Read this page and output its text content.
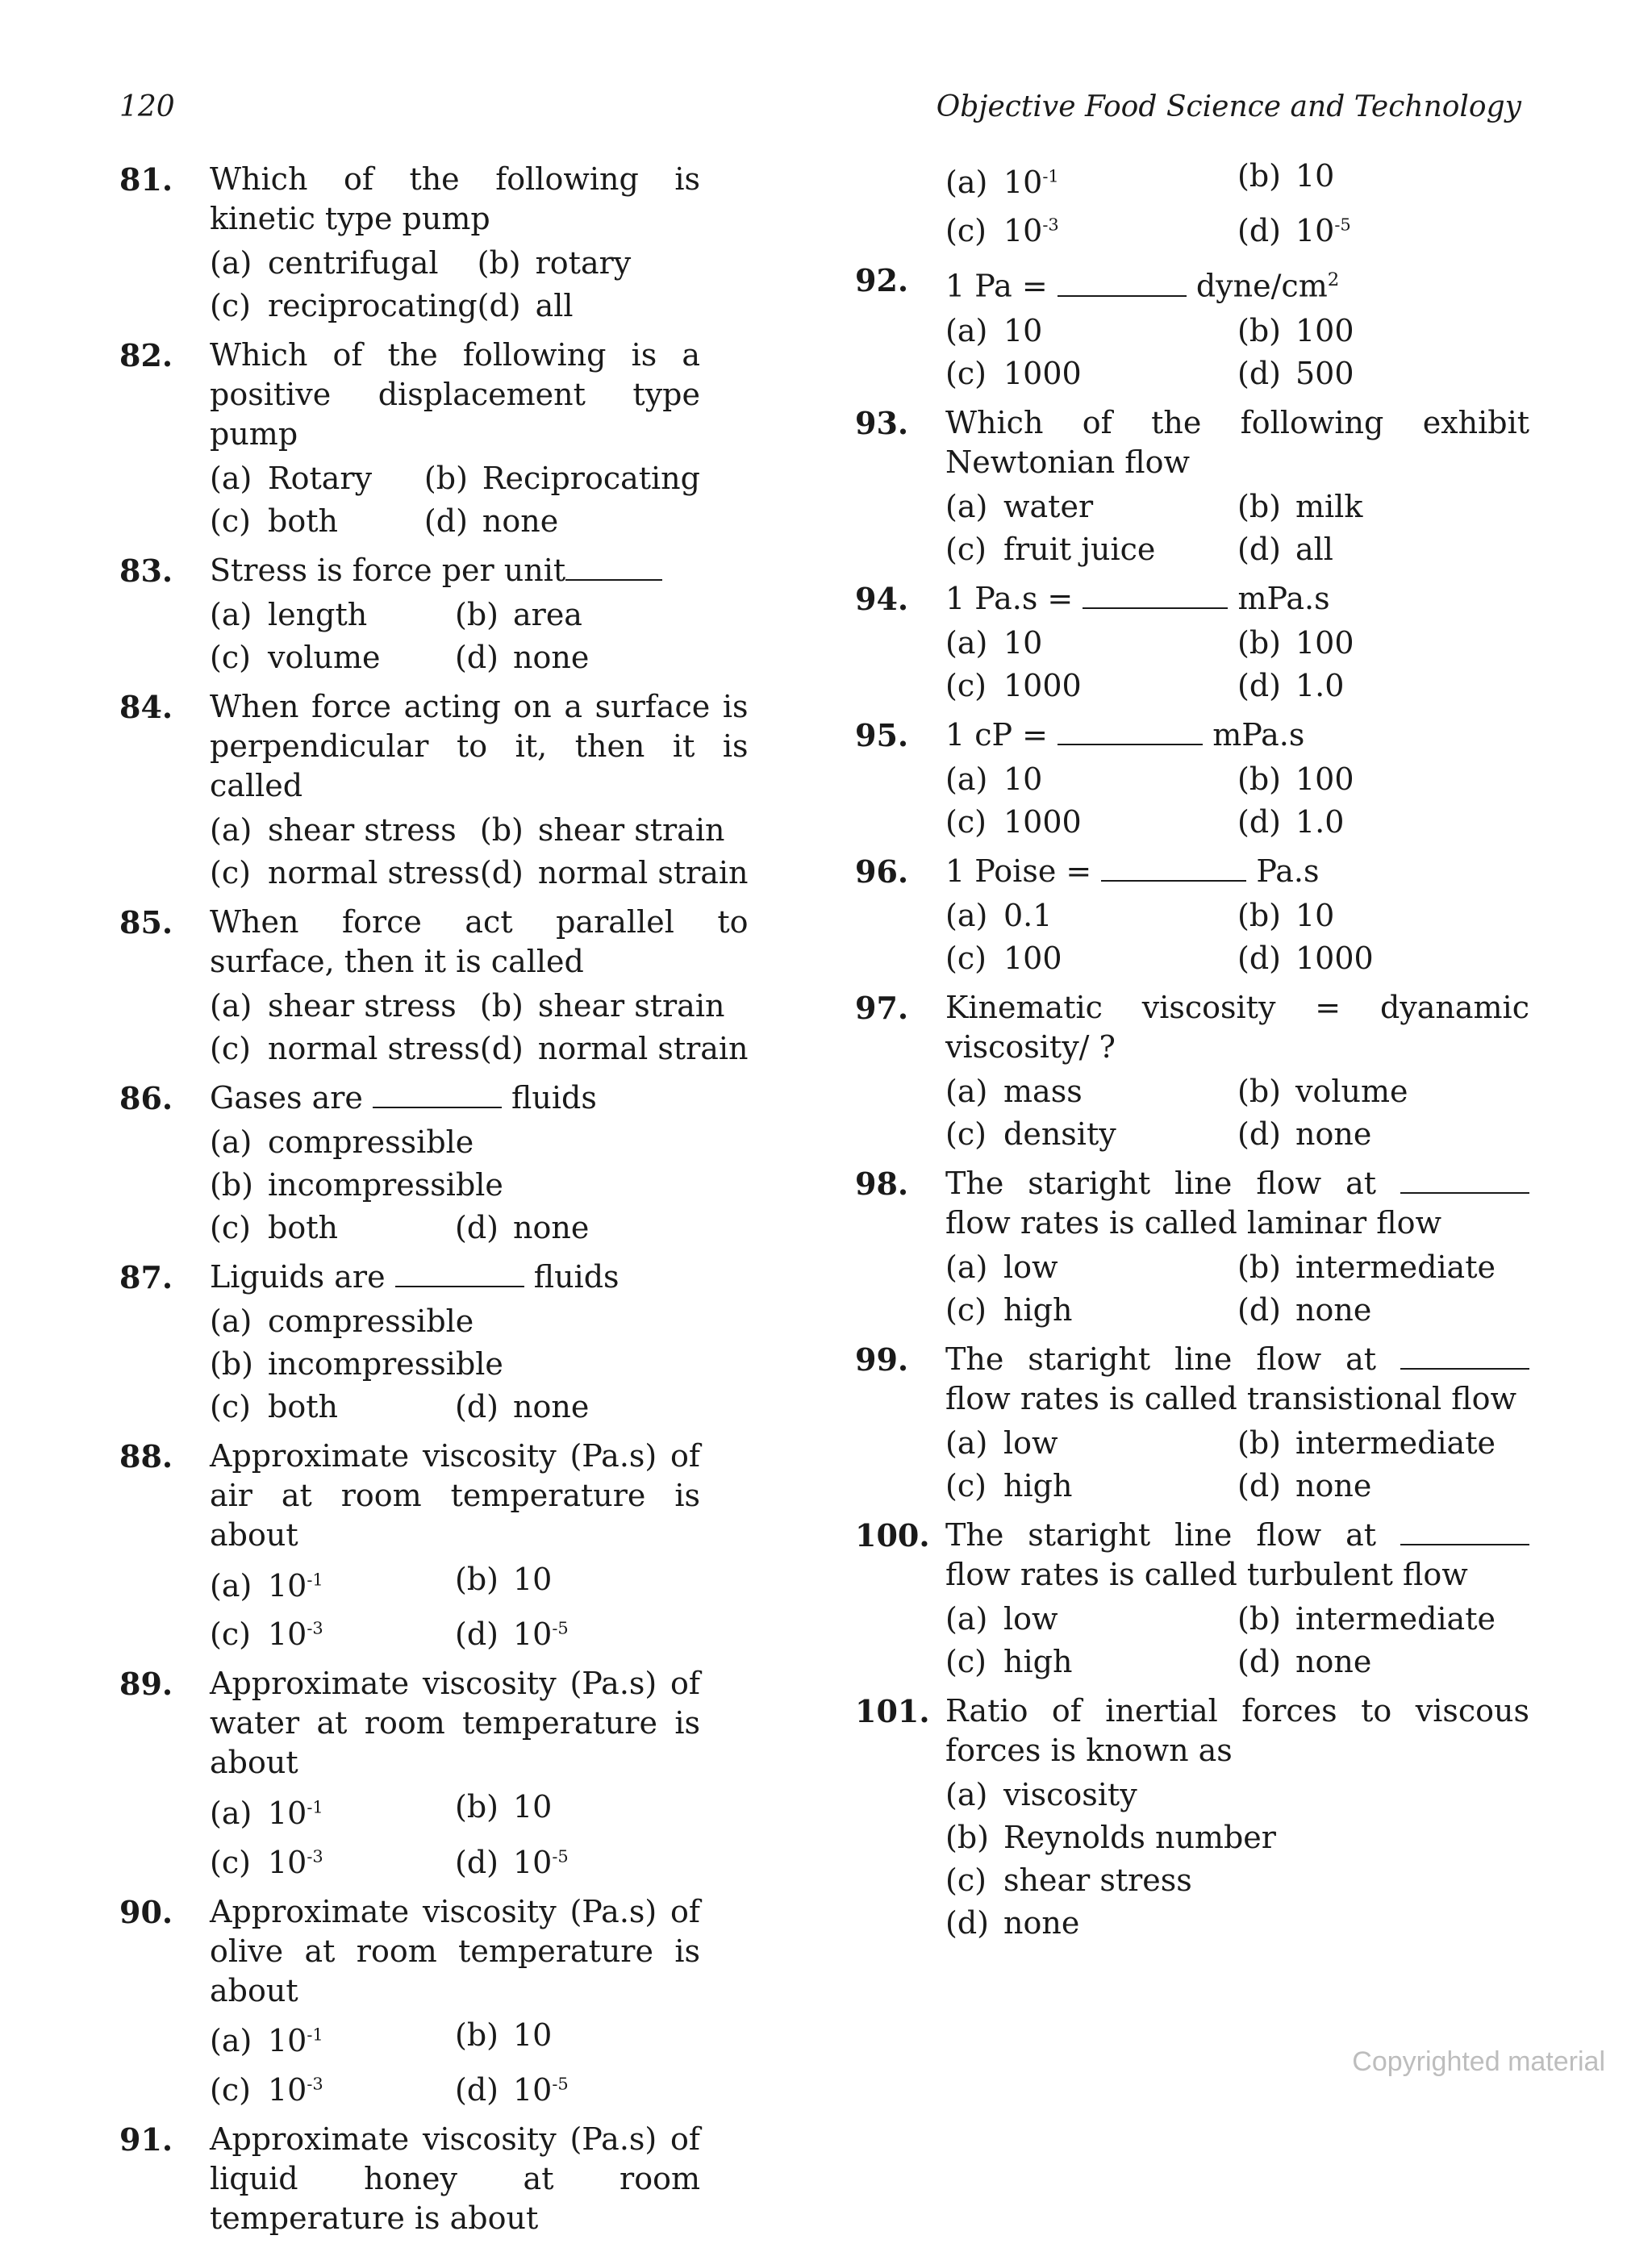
120	Objective Food Science and Technology
81.	Which of the following is kinetic type pump
(a) centrifugal	(b) rotary
(c) reciprocating (d) all
82.	Which of the following is a positive displacement type pump
(a) Rotary	(b) Reciprocating
(c) both	(d) none
83.	Stress is force per unit
(a) length	(b) area
(c) volume	(d) none
84.	When force acting on a surface is perpendicular to it, then it is called
(a) shear stress (b) shear strain
(c) normal stress (d) normal strain
85.	When force act parallel to surface, then it is called
(a) shear stress (b) shear strain
(c) normal stress (d) normal strain
86.	Gases are	fluids
(a) compressible
(b) incompressible
(c) both	(d) none
87.	Liguids are	fluids
(a) compressible
(b) incompressible
(c) both	(d) none
88.	Approximate viscosity (Pa.s) of air at room temperature is about
(a) $10^{-1}$	(b) 10
(c) $10^{-3}$	(d) $10^{-5}$
89.	Approximate viscosity (Pa.s) of water at room temperature is about
(a) $10^{-1}$	(b) 10
(c) $10^{-3}$	(d) $10^{-5}$
90.	Approximate viscosity (Pa.s) of olive at room temperature is about
(a) $10^{-1}$	(b) 10
(c) $10^{-3}$	(d) $10^{-5}$
91.	Approximate viscosity (Pa.s) of liquid honey at room temperature is about
(a) $10^{-1}$	(b) 10
(c) $10^{-3}$	(d) $10^{-5}$
92.	1 Pa =	dyne/$cm^2$
(a) 10	(b) 100
(c) 1000	(d) 500
93.	Which of the following exhibit Newtonian flow
(a) water	(b) milk
(c) fruit juice	(d) all
94.	1 Pa.s =	mPa.s
(a) 10	(b) 100
(c) 1000	(d) 1.0
95.	1 cP =	mPa.s
(a) 10	(b) 100
(c) 1000	(d) 1.0
96.	1 Poise =	Pa.s
(a) 0.1	(b) 10
(c) 100	(d) 1000
97.	Kinematic viscosity = dyanamic viscosity/ ?
(a) mass	(b) volume
(c) density	(d) none
98.	The staright line flow at  flow rates is called laminar flow
(a) low	(b) intermediate
(c) high	(d) none
99.	The staright line flow at  flow rates is called transistional flow
(a) low	(b) intermediate
(c) high	(d) none
100. The staright line flow at  flow rates is called turbulent flow
(a) low	(b) intermediate
(c) high	(d) none
101. Ratio of inertial forces to viscous forces is known as
(a) viscosity
(b) Reynolds number
(c) shear stress
(d) none
Copyrighted material
